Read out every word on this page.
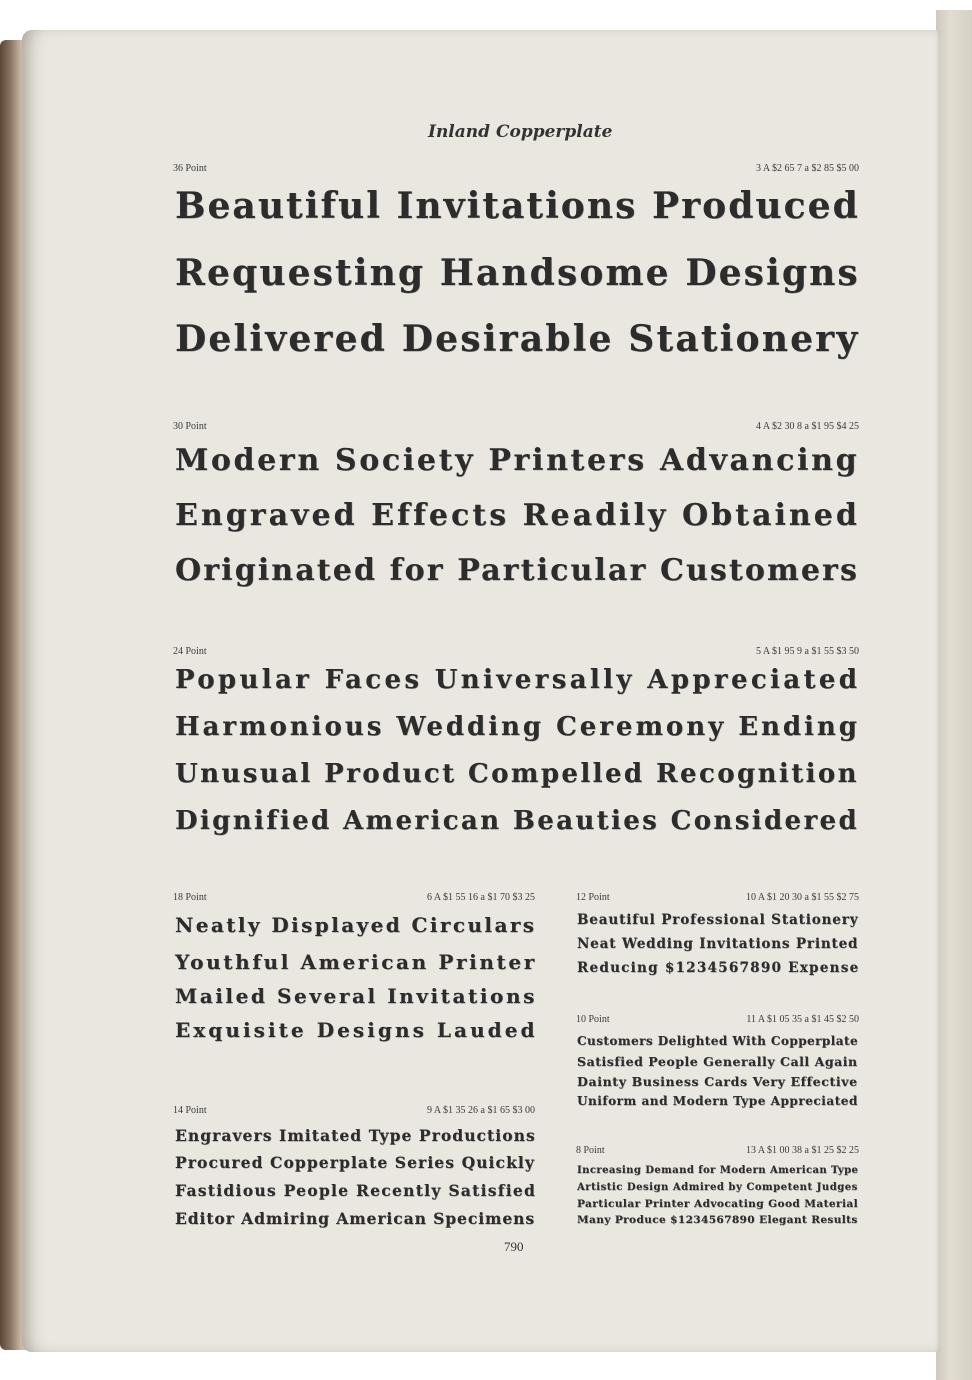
Inland Copperplate
36 Point	3 A $2 65 7 a $2 85 $5 00
Beautiful Invitations Produced
Requesting Handsome Designs
Delivered Desirable Stationery
30 Point	4 A $2 30 8 a $1 95 $4 25
Modern Society Printers Advancing
Engraved Effects Readily Obtained
Originated for Particular Customers
24 Point	5 A $1 95 9 a $1 55 $3 50
Popular Faces Universally Appreciated
Harmonious Wedding Ceremony Ending
Unusual Product Compelled Recognition
Dignified American Beauties Considered
18 Point	6 A $1 55 16 a $1 70 $3 25
Neatly Displayed Circulars
Youthful American Printer
Mailed Several Invitations
Exquisite Designs Lauded
14 Point	9 A $1 35 26 a $1 65 $3 00
Engravers Imitated Type Productions
Procured Copperplate Series Quickly
Fastidious People Recently Satisfied
Editor Admiring American Specimens
12 Point	10 A $1 20 30 a $1 55 $2 75
Beautiful Professional Stationery
Neat Wedding Invitations Printed
Reducing $1234567890 Expense
10 Point	11 A $1 05 35 a $1 45 $2 50
Customers Delighted With Copperplate
Satisfied People Generally Call Again
Dainty Business Cards Very Effective
Uniform and Modern Type Appreciated
8 Point	13 A $1 00 38 a $1 25 $2 25
Increasing Demand for Modern American Type
Artistic Design Admired by Competent Judges
Particular Printer Advocating Good Material
Many Produce $1234567890 Elegant Results
790
